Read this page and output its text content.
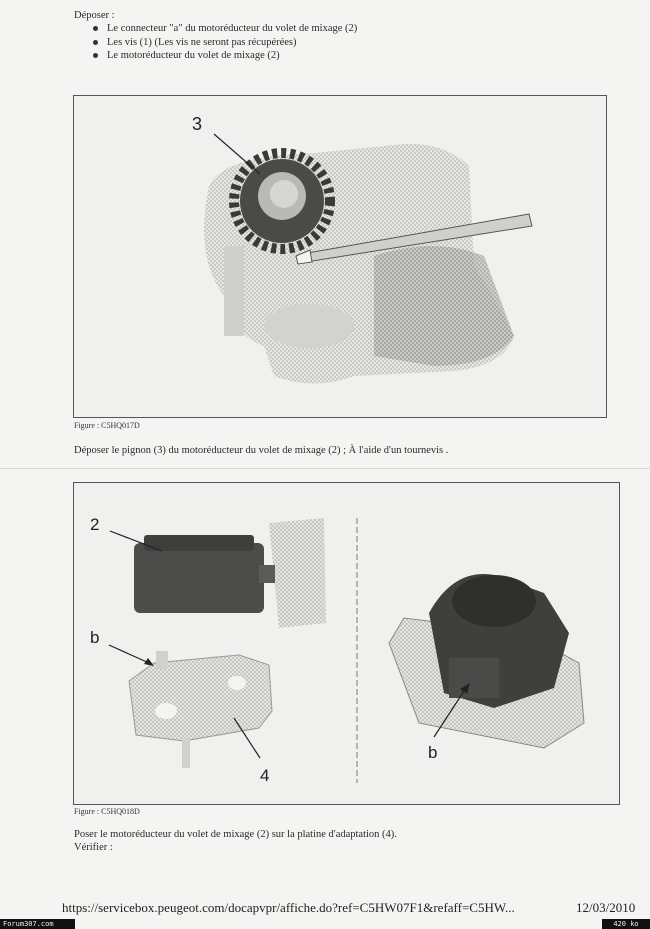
Déposer :
Le connecteur "a" du motoréducteur du volet de mixage (2)
Les vis (1) (Les vis ne seront pas récupérées)
Le motoréducteur du volet de mixage (2)
3
Figure : C5HQ017D
Déposer le pignon (3) du motoréducteur du volet de mixage (2) ; À l'aide d'un tournevis .
2
b
4
b
Figure : C5HQ018D
Poser le motoréducteur du volet de mixage (2) sur la platine d'adaptation (4).
Vérifier :
https://servicebox.peugeot.com/docapvpr/affiche.do?ref=C5HW07F1&refaff=C5HW...	12/03/2010
Forum307.com	420 ko
